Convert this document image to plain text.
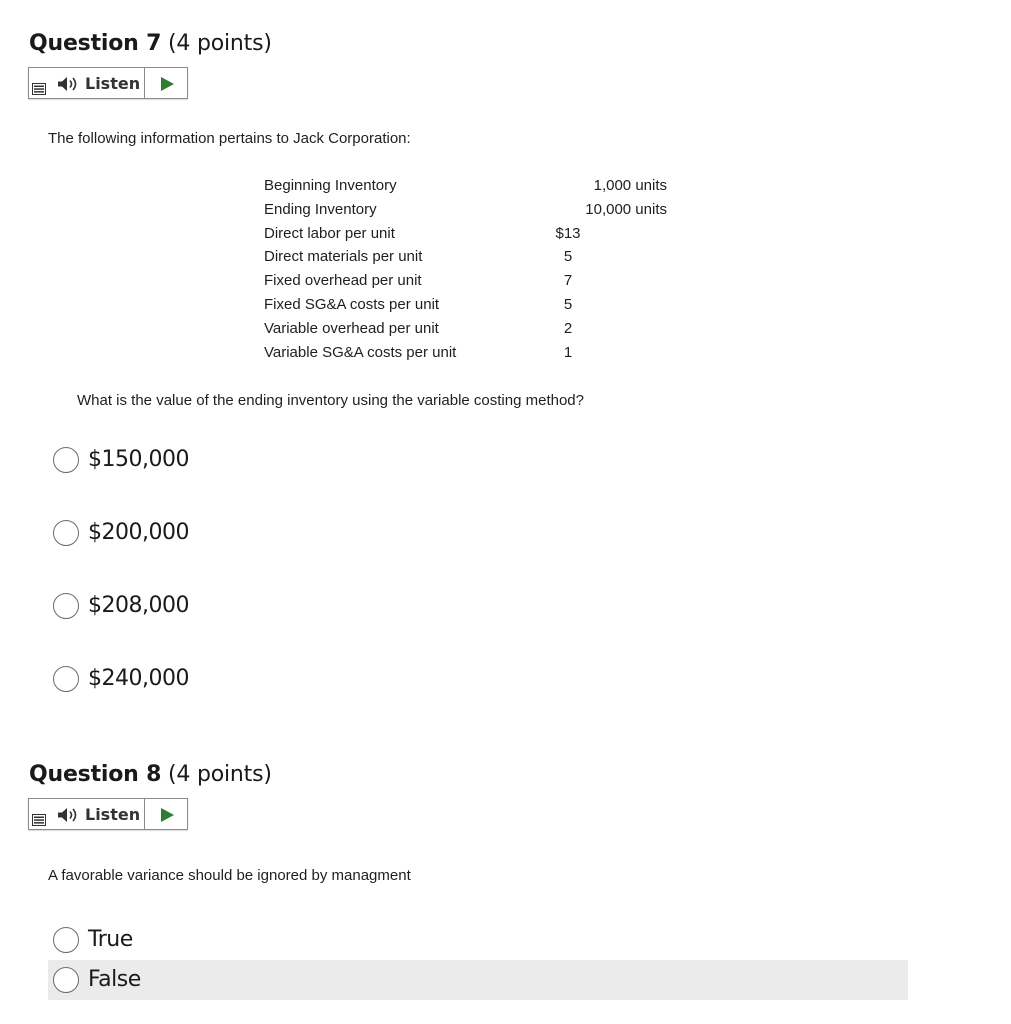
Question 7 (4 points)
Listen
The following information pertains to Jack Corporation:
Beginning Inventory	1,000 units
Ending Inventory	10,000 units
Direct labor per unit	$13
Direct materials per unit	5
Fixed overhead per unit	7
Fixed SG&A costs per unit	5
Variable overhead per unit	2
Variable SG&A costs per unit	1
What is the value of the ending inventory using the variable costing method?
$150,000
$200,000
$208,000
$240,000
Question 8 (4 points)
Listen
A favorable variance should be ignored by managment
True
False
